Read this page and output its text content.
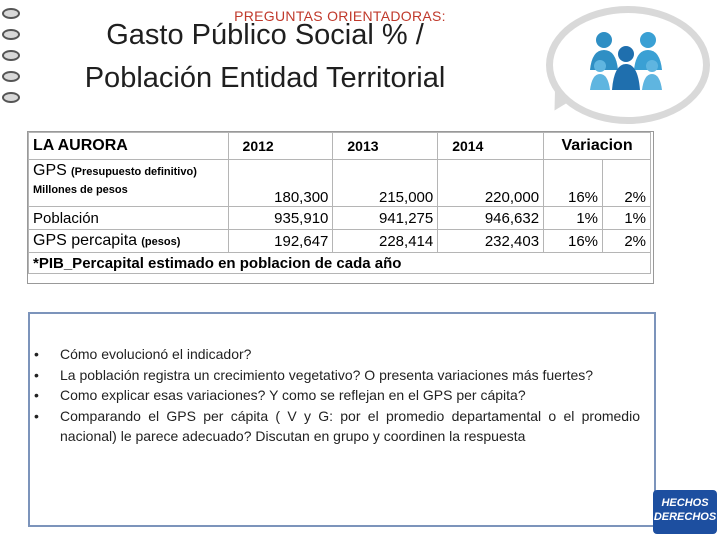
Gasto Público Social % /
Población Entidad Territorial
LA AURORA	2012	2013	2014	Variacion	
GPS (Presupuesto definitivo)
Millones de pesos	180,300	215,000	220,000	16%	2%
Población	935,910	941,275	946,632	1%	1%
GPS percapita (pesos)	192,647	228,414	232,403	16%	2%
*PIB_Percapital estimado en poblacion de cada año					
PREGUNTAS ORIENTADORAS:
• Cómo evolucionó el indicador?
• La población registra un crecimiento vegetativo? O presenta variaciones más fuertes?
• Como explicar esas variaciones? Y como se reflejan en el GPS per cápita?
• Comparando el GPS per cápita ( V y G: por el promedio departamental o el promedio nacional) le parece adecuado? Discutan en grupo y coordinen la respuesta
HECHOS
DERECHOS
